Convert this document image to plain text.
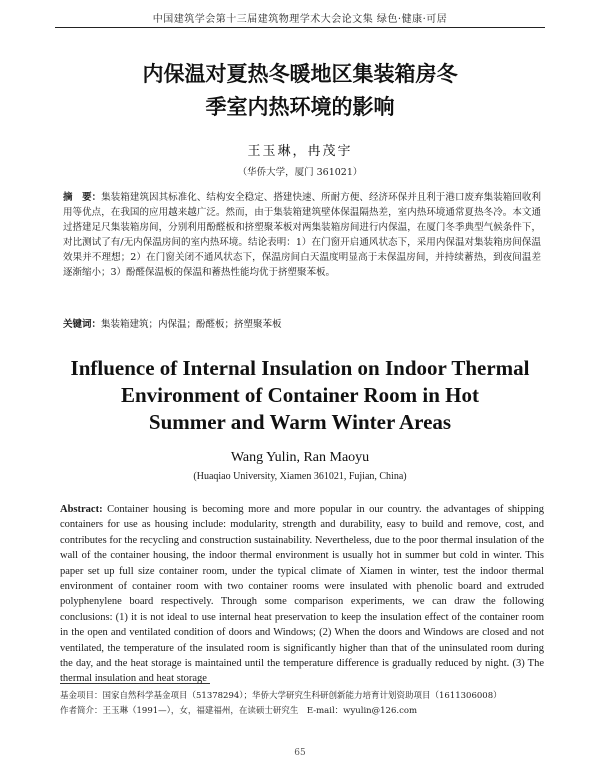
中国建筑学会第十三届建筑物理学术大会论文集 绿色·健康·可居
内保温对夏热冬暖地区集装箱房冬
季室内热环境的影响
王玉琳，冉茂宇
（华侨大学，厦门 361021）
摘　要：集装箱建筑因其标准化、结构安全稳定、搭建快速、所耐方便、经济环保并且利于港口废弃集装箱回收利用等优点，在我国的应用越来越广泛。然而，由于集装箱建筑壁体保温隔热差，室内热环境通常夏热冬冷。本文通过搭建足尺集装箱房间，分别利用酚醛板和挤塑聚苯板对两集装箱房间进行内保温，在厦门冬季典型气候条件下，对比测试了有/无内保温房间的室内热环境。结论表明：1）在门窗开启通风状态下，采用内保温对集装箱房间保温效果并不理想；2）在门窗关闭不通风状态下，保温房间白天温度明显高于未保温房间，并持续蓄热，到夜间温差逐渐缩小；3）酚醛保温板的保温和蓄热性能均优于挤塑聚苯板。
关键词：集装箱建筑；内保温；酚醛板；挤塑聚苯板
Influence of Internal Insulation on Indoor Thermal
Environment of Container Room in Hot
Summer and Warm Winter Areas
Wang Yulin, Ran Maoyu
(Huaqiao University, Xiamen 361021, Fujian, China)
Abstract: Container housing is becoming more and more popular in our country. the advantages of shipping containers for use as housing include: modularity, strength and durability, easy to build and remove, cost, and contributes for the recycling and construction sustainability. Nevertheless, due to the poor thermal insulation of the wall of the container housing, the indoor thermal environment is usually hot in summer but cold in winter. This paper set up full size container room, under the typical climate of Xiamen in winter, test the indoor thermal environment of container room with two container rooms were insulated with phenolic board and extruded polyphenylene board respectively. Through some comparison experiments, we can draw the following conclusions: (1) it is not ideal to use internal heat preservation to keep the insulation effect of the container room in the open and ventilated condition of doors and Windows; (2) When the doors and Windows are closed and not ventilated, the temperature of the insulated room is significantly higher than that of the uninsulated room during the day, and the heat storage is maintained until the temperature difference is gradually reduced by night. (3) The thermal insulation and heat storage
基金项目：国家自然科学基金项目（51378294）；华侨大学研究生科研创新能力培育计划资助项目（1611306008）
作者简介：王玉琳（1991—），女，福建福州，在读硕士研究生　E-mail：wyulin@126.com
65
